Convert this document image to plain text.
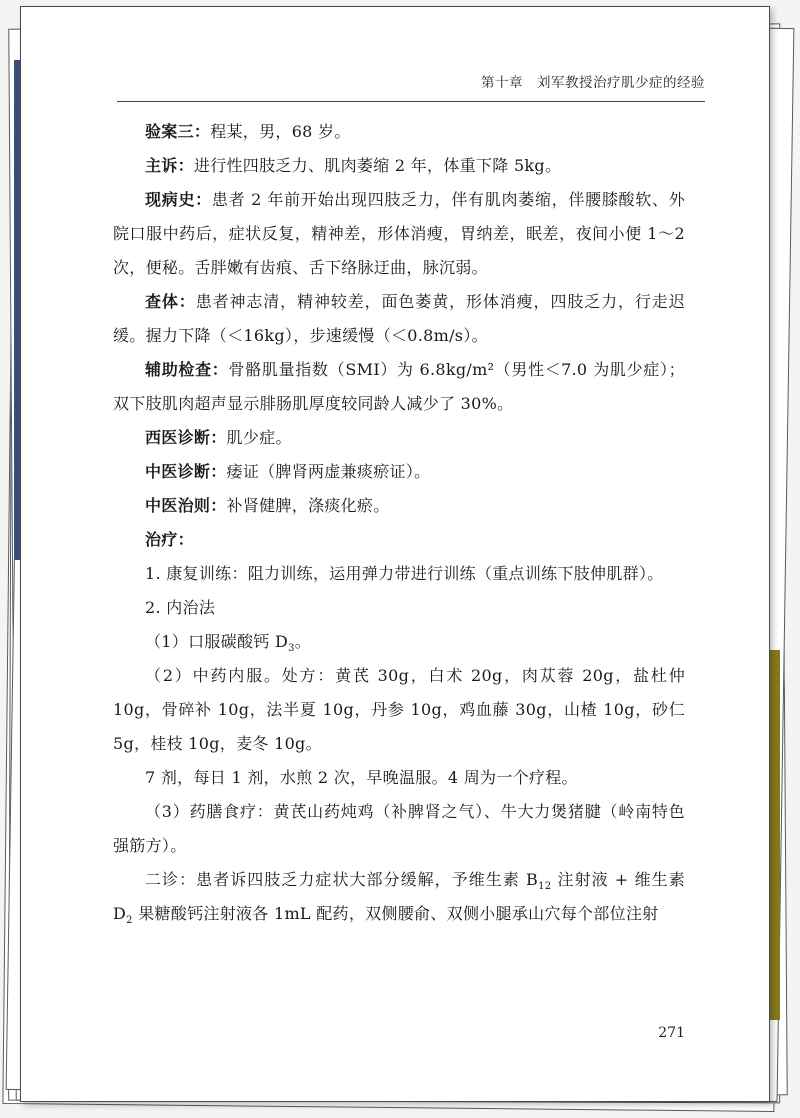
第十章　刘军教授治疗肌少症的经验

验案三：程某，男，68 岁。

主诉：进行性四肢乏力、肌肉萎缩 2 年，体重下降 5kg。

现病史：患者 2 年前开始出现四肢乏力，伴有肌肉萎缩，伴腰膝酸软、外院口服中药后，症状反复，精神差，形体消瘦，胃纳差，眠差，夜间小便 1～2 次，便秘。舌胖嫩有齿痕、舌下络脉迂曲，脉沉弱。

查体：患者神志清，精神较差，面色萎黄，形体消瘦，四肢乏力，行走迟缓。握力下降（＜16kg），步速缓慢（＜0.8m/s）。

辅助检查：骨骼肌量指数（SMI）为 6.8kg/m²（男性＜7.0 为肌少症）；双下肢肌肉超声显示腓肠肌厚度较同龄人减少了 30%。

西医诊断：肌少症。

中医诊断：痿证（脾肾两虚兼痰瘀证）。

中医治则：补肾健脾，涤痰化瘀。

治疗：

1. 康复训练：阻力训练，运用弹力带进行训练（重点训练下肢伸肌群）。

2. 内治法

（1）口服碳酸钙 $D_3$。

（2）中药内服。处方：黄芪 30g，白术 20g，肉苁蓉 20g，盐杜仲 10g，骨碎补 10g，法半夏 10g，丹参 10g，鸡血藤 30g，山楂 10g，砂仁 5g，桂枝 10g，麦冬 10g。

7 剂，每日 1 剂，水煎 2 次，早晚温服。4 周为一个疗程。

（3）药膳食疗：黄芪山药炖鸡（补脾肾之气）、牛大力煲猪腱（岭南特色强筋方）。

二诊：患者诉四肢乏力症状大部分缓解，予维生素 $B_{12}$ 注射液 + 维生素 $D_2$ 果糖酸钙注射液各 1mL 配药，双侧腰俞、双侧小腿承山穴每个部位注射

271
